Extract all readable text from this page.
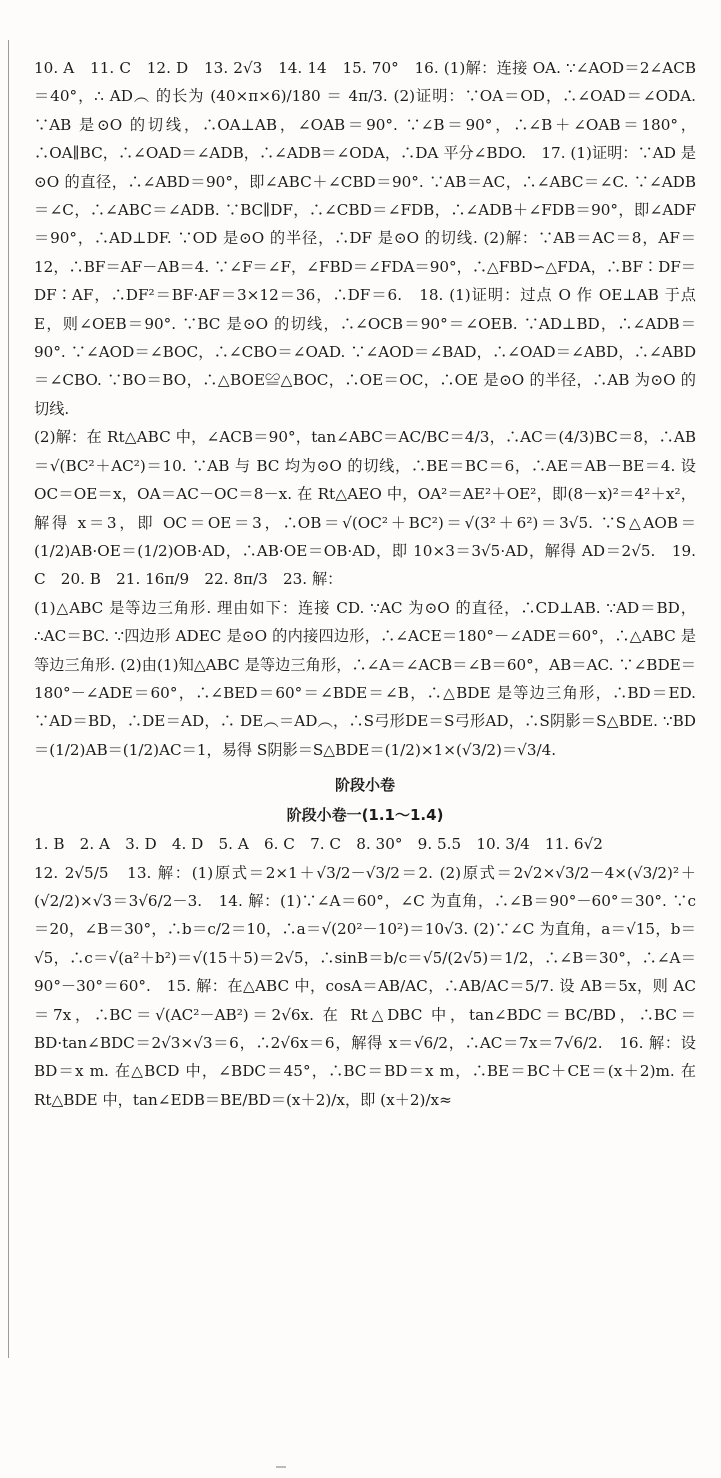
10. A　11. C　12. D　13. 2√3　14. 14　15. 70°　16. (1)解：连接 OA. ∵∠AOD＝2∠ACB＝40°，∴ AD︵ 的长为 (40×π×6)/180 ＝ 4π/3. (2)证明：∵OA＝OD，∴∠OAD＝∠ODA. ∵AB 是⊙O 的切线，∴OA⊥AB，∠OAB＝90°. ∵∠B＝90°，∴∠B＋∠OAB＝180°，∴OA∥BC，∴∠OAD＝∠ADB，∴∠ADB＝∠ODA，∴DA 平分∠BDO.　17. (1)证明：∵AD 是⊙O 的直径，∴∠ABD＝90°，即∠ABC＋∠CBD＝90°. ∵AB＝AC，∴∠ABC＝∠C. ∵∠ADB＝∠C，∴∠ABC＝∠ADB. ∵BC∥DF，∴∠CBD＝∠FDB，∴∠ADB＋∠FDB＝90°，即∠ADF＝90°，∴AD⊥DF. ∵OD 是⊙O 的半径，∴DF 是⊙O 的切线. (2)解：∵AB＝AC＝8，AF＝12，∴BF＝AF－AB＝4. ∵∠F＝∠F，∠FBD＝∠FDA＝90°，∴△FBD∽△FDA，∴BF∶DF＝DF∶AF，∴DF²＝BF·AF＝3×12＝36，∴DF＝6.　18. (1)证明：过点 O 作 OE⊥AB 于点 E，则∠OEB＝90°. ∵BC 是⊙O 的切线，∴∠OCB＝90°＝∠OEB. ∵AD⊥BD，∴∠ADB＝90°. ∵∠AOD＝∠BOC，∴∠CBO＝∠OAD. ∵∠AOD＝∠BAD，∴∠OAD＝∠ABD，∴∠ABD＝∠CBO. ∵BO＝BO，∴△BOE≌△BOC，∴OE＝OC，∴OE 是⊙O 的半径，∴AB 为⊙O 的切线.

(2)解：在 Rt△ABC 中，∠ACB＝90°，tan∠ABC＝AC/BC＝4/3，∴AC＝(4/3)BC＝8，∴AB＝√(BC²＋AC²)＝10. ∵AB 与 BC 均为⊙O 的切线，∴BE＝BC＝6，∴AE＝AB－BE＝4. 设 OC＝OE＝x，OA＝AC－OC＝8－x. 在 Rt△AEO 中，OA²＝AE²＋OE²，即(8－x)²＝4²＋x²，解得 x＝3，即 OC＝OE＝3，∴OB＝√(OC²＋BC²)＝√(3²＋6²)＝3√5. ∵S△AOB＝(1/2)AB·OE＝(1/2)OB·AD，∴AB·OE＝OB·AD，即 10×3＝3√5·AD，解得 AD＝2√5.　19. C　20. B　21. 16π/9　22. 8π/3　23. 解：

(1)△ABC 是等边三角形. 理由如下：连接 CD. ∵AC 为⊙O 的直径，∴CD⊥AB. ∵AD＝BD，∴AC＝BC. ∵四边形 ADEC 是⊙O 的内接四边形，∴∠ACE＝180°－∠ADE＝60°，∴△ABC 是等边三角形. (2)由(1)知△ABC 是等边三角形，∴∠A＝∠ACB＝∠B＝60°，AB＝AC. ∵∠BDE＝180°－∠ADE＝60°，∴∠BED＝60°＝∠BDE＝∠B，∴△BDE 是等边三角形，∴BD＝ED. ∵AD＝BD，∴DE＝AD，∴ DE︵＝AD︵，∴S弓形DE＝S弓形AD，∴S阴影＝S△BDE. ∵BD＝(1/2)AB＝(1/2)AC＝1，易得 S阴影＝S△BDE＝(1/2)×1×(√3/2)＝√3/4.

阶段小卷
阶段小卷一(1.1～1.4)

1. B　2. A　3. D　4. D　5. A　6. C　7. C　8. 30°　9. 5.5　10. 3/4　11. 6√2

12. 2√5/5　13. 解：(1)原式＝2×1＋√3/2－√3/2＝2. (2)原式＝2√2×√3/2－4×(√3/2)²＋(√2/2)×√3＝3√6/2－3.　14. 解：(1)∵∠A＝60°，∠C 为直角，∴∠B＝90°－60°＝30°. ∵c＝20，∠B＝30°，∴b＝c/2＝10，∴a＝√(20²－10²)＝10√3. (2)∵∠C 为直角，a＝√15，b＝√5，∴c＝√(a²＋b²)＝√(15＋5)＝2√5，∴sinB＝b/c＝√5/(2√5)＝1/2，∴∠B＝30°，∴∠A＝90°－30°＝60°.　15. 解：在△ABC 中，cosA＝AB/AC，∴AB/AC＝5/7. 设 AB＝5x，则 AC＝7x，∴BC＝√(AC²－AB²)＝2√6x. 在 Rt△DBC 中，tan∠BDC＝BC/BD，∴BC＝BD·tan∠BDC＝2√3×√3＝6，∴2√6x＝6，解得 x＝√6/2，∴AC＝7x＝7√6/2.　16. 解：设 BD＝x m. 在△BCD 中，∠BDC＝45°，∴BC＝BD＝x m，∴BE＝BC＋CE＝(x＋2)m. 在 Rt△BDE 中，tan∠EDB＝BE/BD＝(x＋2)/x，即 (x＋2)/x≈
